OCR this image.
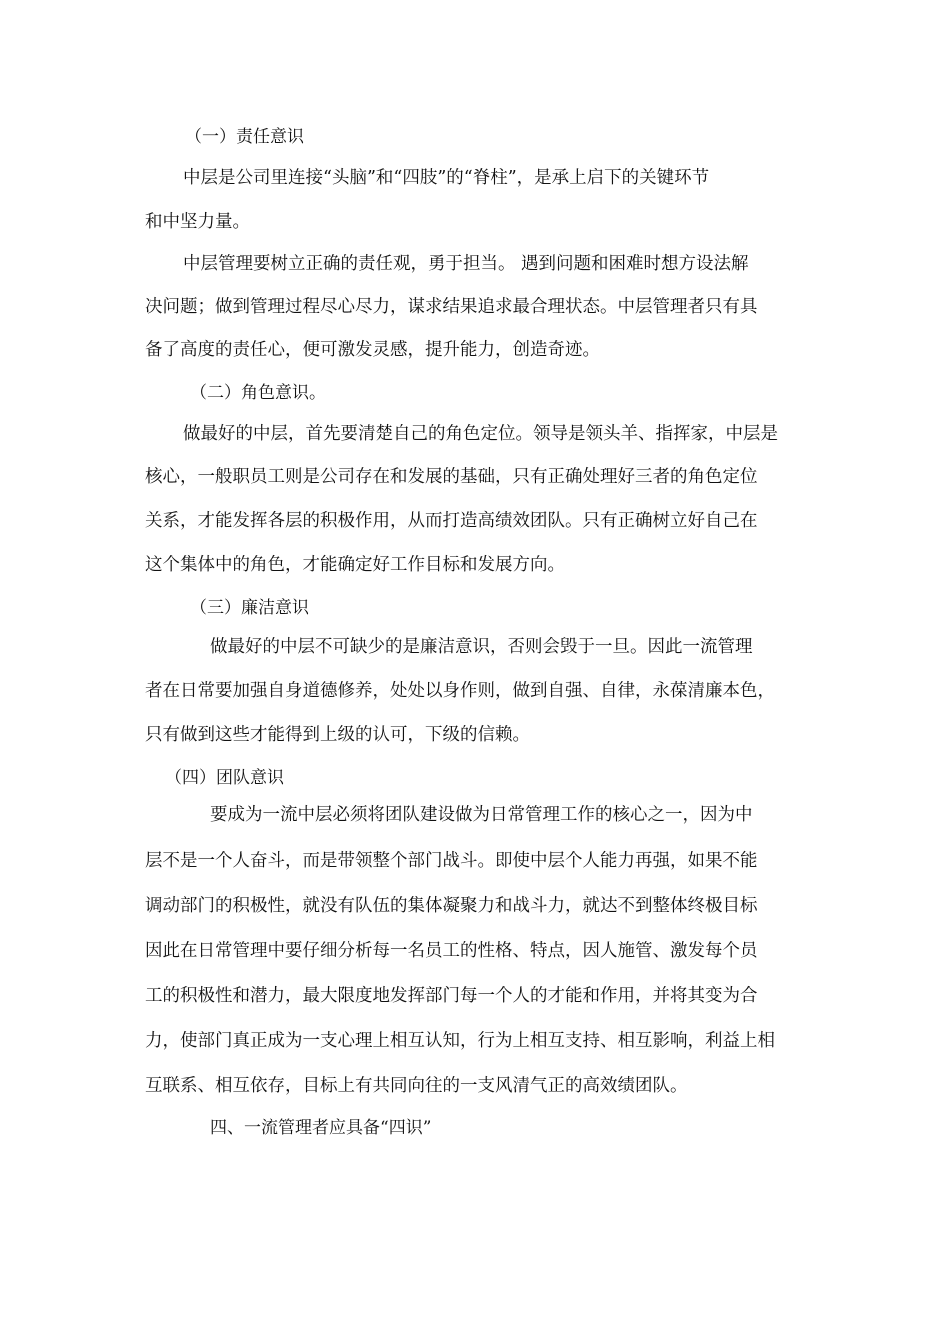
（一）责任意识
中层是公司里连接“头脑”和“四肢”的“脊柱”，是承上启下的关键环节
和中坚力量。
中层管理要树立正确的责任观，勇于担当。 遇到问题和困难时想方设法解
决问题；做到管理过程尽心尽力，谋求结果追求最合理状态。中层管理者只有具
备了高度的责任心，便可激发灵感，提升能力，创造奇迹。
（二）角色意识。
做最好的中层，首先要清楚自己的角色定位。领导是领头羊、指挥家，中层是
核心，一般职员工则是公司存在和发展的基础，只有正确处理好三者的角色定位
关系，才能发挥各层的积极作用，从而打造高绩效团队。只有正确树立好自己在
这个集体中的角色，才能确定好工作目标和发展方向。
（三）廉洁意识
做最好的中层不可缺少的是廉洁意识，否则会毁于一旦。因此一流管理
者在日常要加强自身道德修养，处处以身作则，做到自强、自律，永葆清廉本色，
只有做到这些才能得到上级的认可，下级的信赖。
（四）团队意识
要成为一流中层必须将团队建设做为日常管理工作的核心之一，因为中
层不是一个人奋斗，而是带领整个部门战斗。即使中层个人能力再强，如果不能
调动部门的积极性，就没有队伍的集体凝聚力和战斗力，就达不到整体终极目标
因此在日常管理中要仔细分析每一名员工的性格、特点，因人施管、激发每个员
工的积极性和潜力，最大限度地发挥部门每一个人的才能和作用，并将其变为合
力，使部门真正成为一支心理上相互认知，行为上相互支持、相互影响，利益上相
互联系、相互依存，目标上有共同向往的一支风清气正的高效绩团队。
四、一流管理者应具备“四识”
